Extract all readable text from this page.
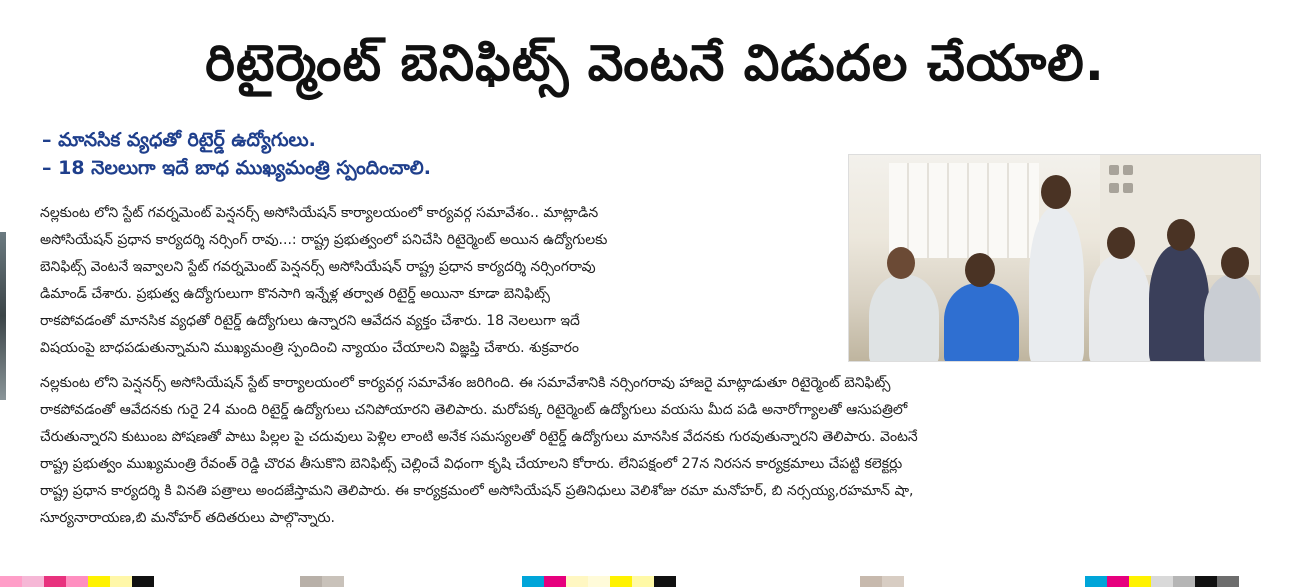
రిటైర్మెంట్ బెనిఫిట్స్ వెంటనే విడుదల చేయాలి.
– మానసిక వ్యధతో రిటైర్డ్ ఉద్యోగులు.
– 18 నెలలుగా ఇదే బాధ ముఖ్యమంత్రి స్పందించాలి.
నల్లకుంట లోని స్టేట్ గవర్నమెంట్ పెన్షనర్స్ అసోసియేషన్ కార్యాలయంలో కార్యవర్గ సమావేశం.. మాట్లాడిన
అసోసియేషన్ ప్రధాన కార్యదర్శి నర్సింగ్ రావు...: రాష్ట్ర ప్రభుత్వంలో పనిచేసి రిటైర్మెంట్ అయిన ఉద్యోగులకు
బెనిఫిట్స్ వెంటనే ఇవ్వాలని స్టేట్ గవర్నమెంట్ పెన్షనర్స్ అసోసియేషన్ రాష్ట్ర ప్రధాన కార్యదర్శి నర్సింగరావు
డిమాండ్ చేశారు. ప్రభుత్వ ఉద్యోగులుగా కొనసాగి ఇన్నేళ్ల తర్వాత రిటైర్డ్ అయినా కూడా బెనిఫిట్స్
రాకపోవడంతో మానసిక వ్యధతో రిటైర్డ్ ఉద్యోగులు ఉన్నారని ఆవేదన వ్యక్తం చేశారు. 18 నెలలుగా ఇదే
విషయంపై బాధపడుతున్నామని ముఖ్యమంత్రి స్పందించి న్యాయం చేయాలని విజ్ఞప్తి చేశారు. శుక్రవారం
నల్లకుంట లోని పెన్షనర్స్ అసోసియేషన్ స్టేట్ కార్యాలయంలో కార్యవర్గ సమావేశం జరిగింది. ఈ సమావేశానికి నర్సింగరావు హాజరై మాట్లాడుతూ రిటైర్మెంట్ బెనిఫిట్స్
రాకపోవడంతో ఆవేదనకు గురై 24 మంది రిటైర్డ్ ఉద్యోగులు చనిపోయారని తెలిపారు. మరోపక్క రిటైర్మెంట్ ఉద్యోగులు వయసు మీద పడి అనారోగ్యాలతో ఆసుపత్రిలో
చేరుతున్నారని కుటుంబ పోషణతో పాటు పిల్లల పై చదువులు పెళ్లిల లాంటి అనేక సమస్యలతో రిటైర్డ్ ఉద్యోగులు మానసిక వేదనకు గురవుతున్నారని తెలిపారు. వెంటనే
రాష్ట్ర ప్రభుత్వం ముఖ్యమంత్రి రేవంత్ రెడ్డి చొరవ తీసుకొని బెనిఫిట్స్ చెల్లించే విధంగా కృషి చేయాలని కోరారు. లేనిపక్షంలో 27న నిరసన కార్యక్రమాలు చేపట్టి కలెక్టర్లు
రాష్ట్ర ప్రధాన కార్యదర్శి కి వినతి పత్రాలు అందజేస్తామని తెలిపారు. ఈ కార్యక్రమంలో అసోసియేషన్ ప్రతినిధులు వెలిశోజు రమా మనోహర్, బి నర్సయ్య,రహమాన్ షా,
సూర్యనారాయణ,బి మనోహర్ తదితరులు పాల్గొన్నారు.
